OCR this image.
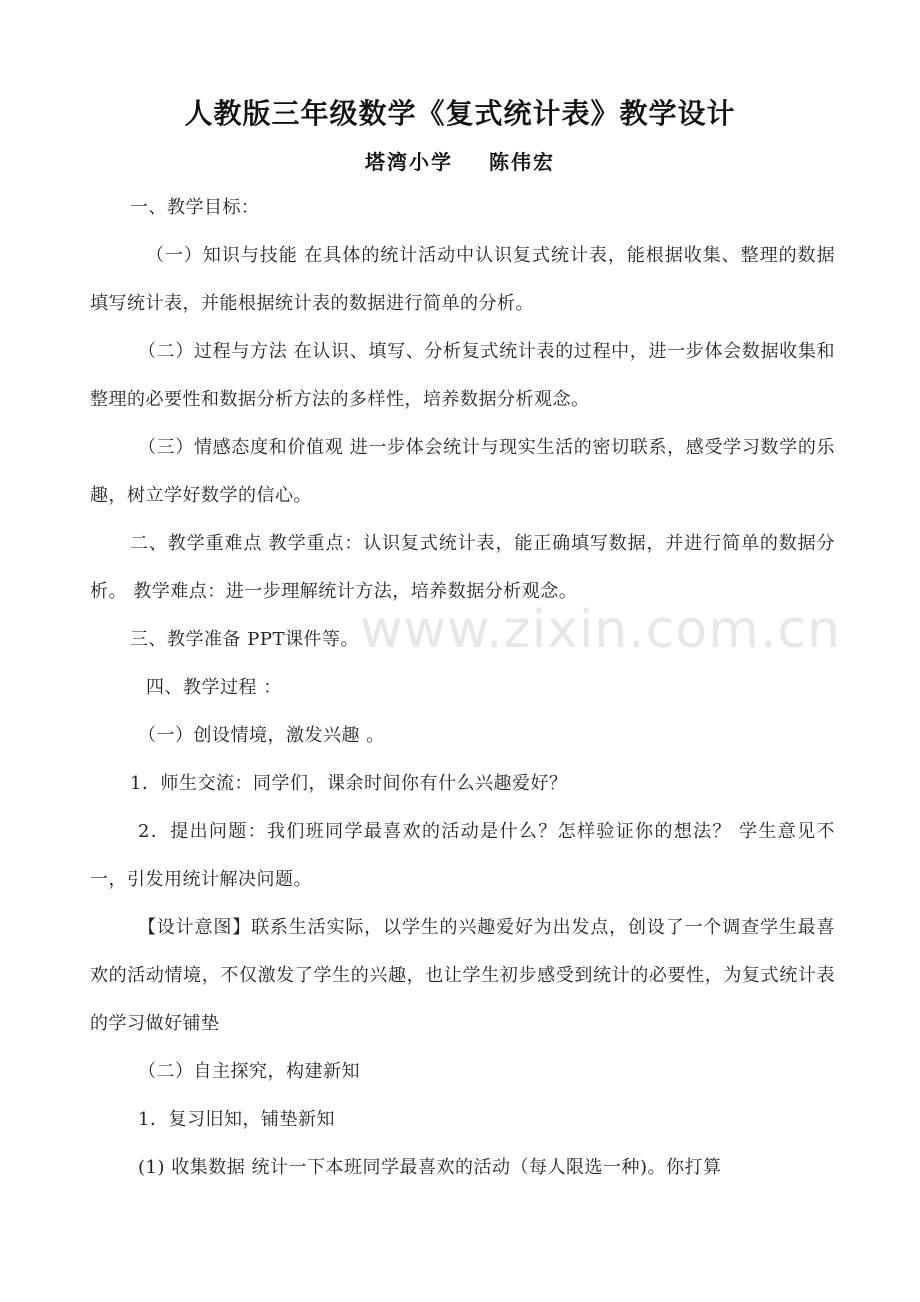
人教版三年级数学《复式统计表》教学设计
塔湾小学 陈伟宏

一、教学目标：

（一）知识与技能 在具体的统计活动中认识复式统计表，能根据收集、整理的数据填写统计表，并能根据统计表的数据进行简单的分析。

（二）过程与方法 在认识、填写、分析复式统计表的过程中，进一步体会数据收集和整理的必要性和数据分析方法的多样性，培养数据分析观念。

（三）情感态度和价值观 进一步体会统计与现实生活的密切联系，感受学习数学的乐趣，树立学好数学的信心。

二、教学重难点 教学重点：认识复式统计表，能正确填写数据，并进行简单的数据分析。 教学难点：进一步理解统计方法，培养数据分析观念。

三、教学准备 PPT课件等。

四、教学过程 ：

（一）创设情境，激发兴趣 。

1．师生交流：同学们，课余时间你有什么兴趣爱好？

2．提出问题：我们班同学最喜欢的活动是什么？怎样验证你的想法？ 学生意见不一，引发用统计解决问题。

【设计意图】联系生活实际，以学生的兴趣爱好为出发点，创设了一个调查学生最喜欢的活动情境，不仅激发了学生的兴趣，也让学生初步感受到统计的必要性，为复式统计表的学习做好铺垫

（二）自主探究，构建新知

1．复习旧知，铺垫新知

(1) 收集数据 统计一下本班同学最喜欢的活动（每人限选一种)。你打算

www.zixin.com.cn
